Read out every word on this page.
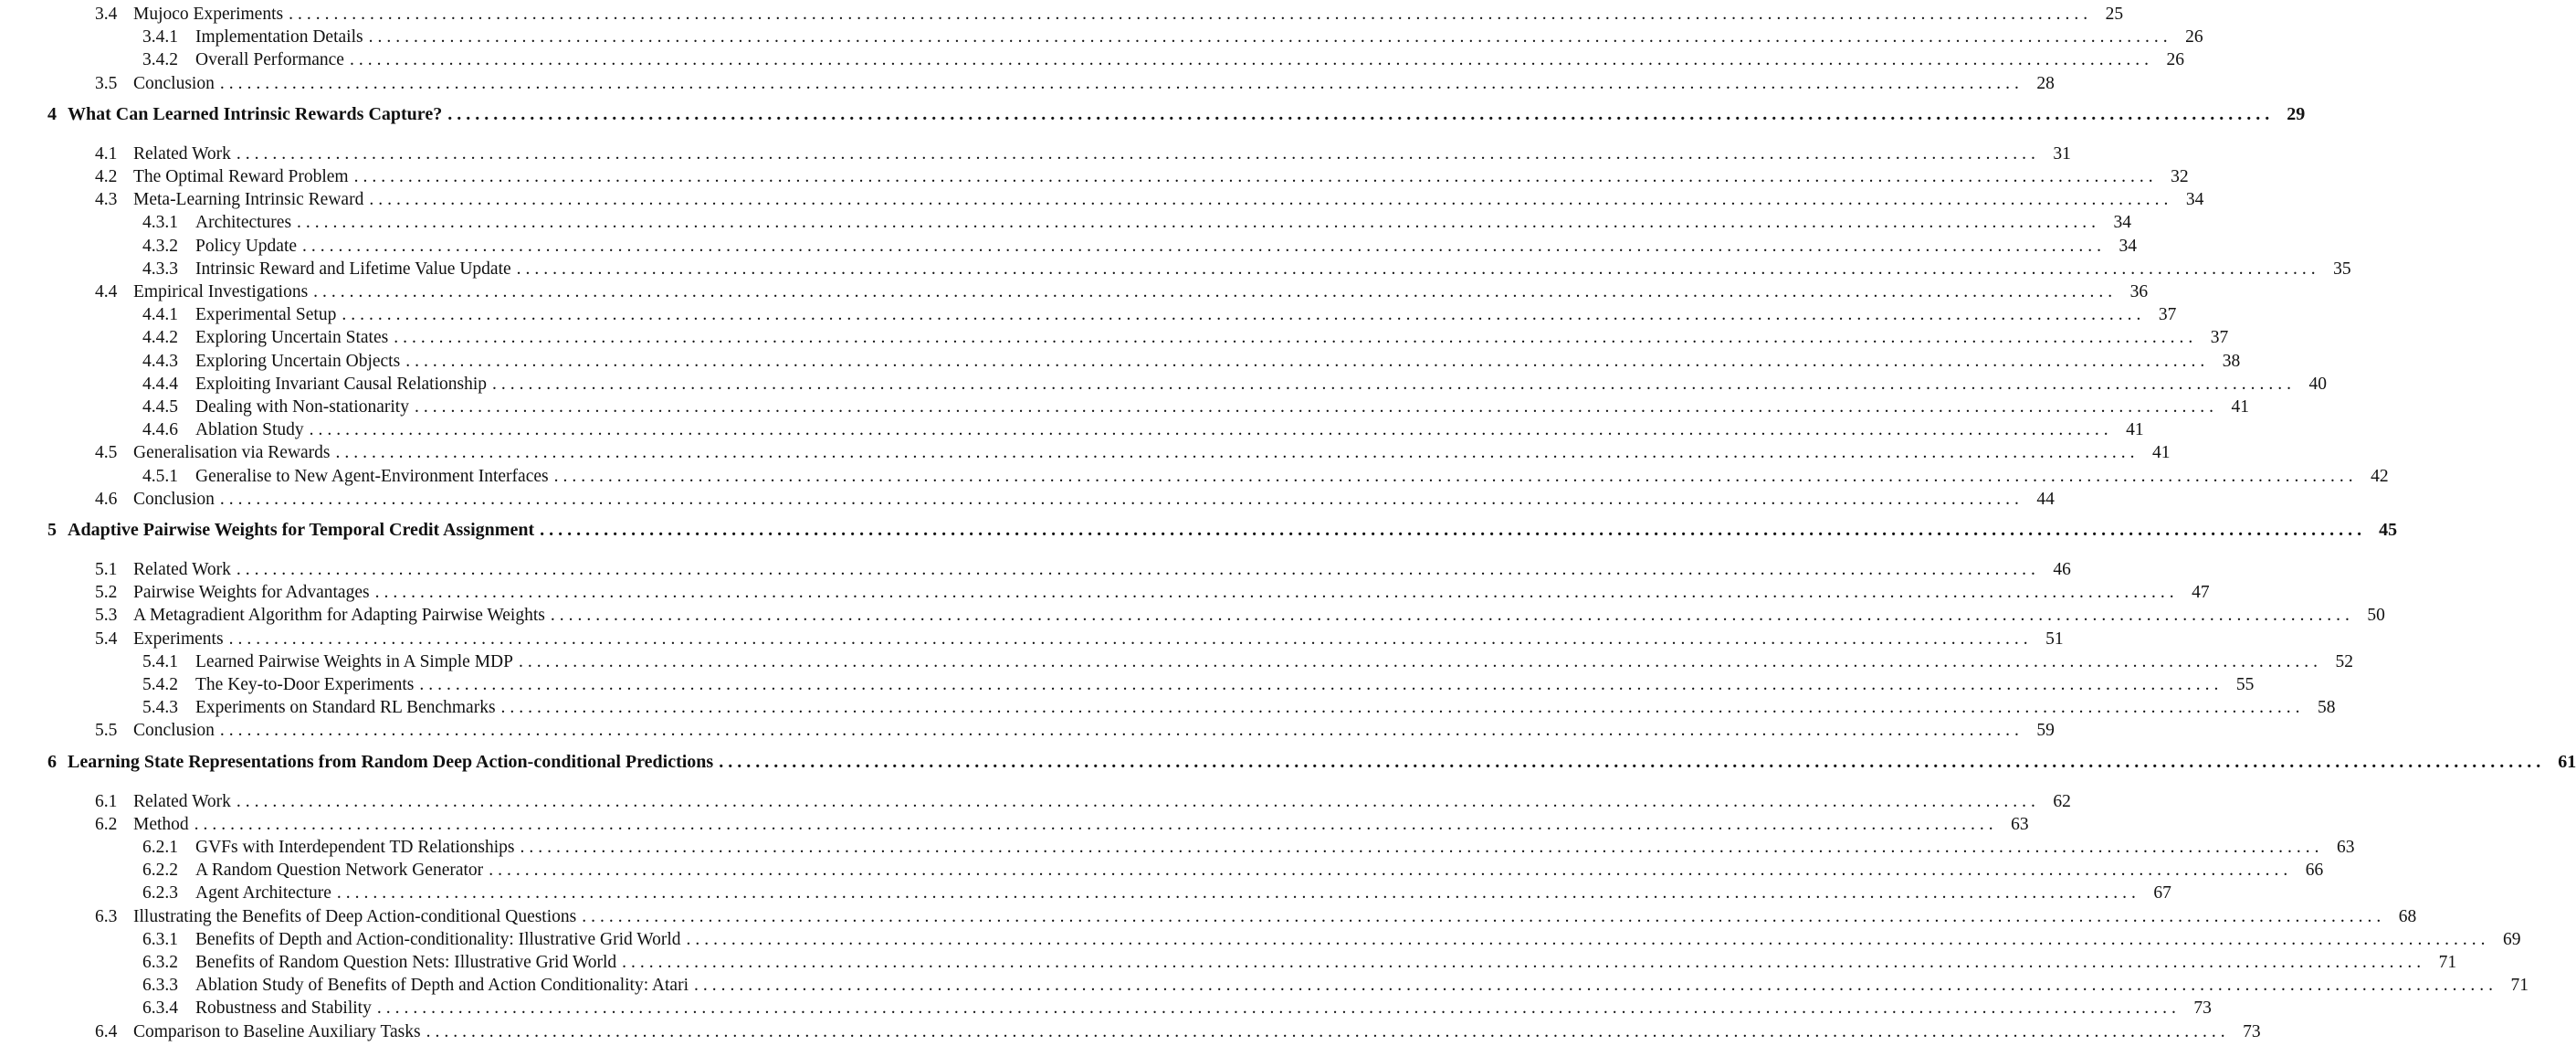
3.4 Mujoco Experiments ........................................................................................................................................................................................................ 25
3.4.1 Implementation Details ........................................................................................................................................................................................................ 26
3.4.2 Overall Performance ........................................................................................................................................................................................................ 26
3.5 Conclusion ........................................................................................................................................................................................................ 28
4 What Can Learned Intrinsic Rewards Capture? ........................................................................................................................................................................................................ 29
4.1 Related Work ........................................................................................................................................................................................................ 31
4.2 The Optimal Reward Problem ........................................................................................................................................................................................................ 32
4.3 Meta-Learning Intrinsic Reward ........................................................................................................................................................................................................ 34
4.3.1 Architectures ........................................................................................................................................................................................................ 34
4.3.2 Policy Update ........................................................................................................................................................................................................ 34
4.3.3 Intrinsic Reward and Lifetime Value Update ........................................................................................................................................................................................................ 35
4.4 Empirical Investigations ........................................................................................................................................................................................................ 36
4.4.1 Experimental Setup ........................................................................................................................................................................................................ 37
4.4.2 Exploring Uncertain States ........................................................................................................................................................................................................ 37
4.4.3 Exploring Uncertain Objects ........................................................................................................................................................................................................ 38
4.4.4 Exploiting Invariant Causal Relationship ........................................................................................................................................................................................................ 40
4.4.5 Dealing with Non-stationarity ........................................................................................................................................................................................................ 41
4.4.6 Ablation Study ........................................................................................................................................................................................................ 41
4.5 Generalisation via Rewards ........................................................................................................................................................................................................ 41
4.5.1 Generalise to New Agent-Environment Interfaces ........................................................................................................................................................................................................ 42
4.6 Conclusion ........................................................................................................................................................................................................ 44
5 Adaptive Pairwise Weights for Temporal Credit Assignment ........................................................................................................................................................................................................ 45
5.1 Related Work ........................................................................................................................................................................................................ 46
5.2 Pairwise Weights for Advantages ........................................................................................................................................................................................................ 47
5.3 A Metagradient Algorithm for Adapting Pairwise Weights ........................................................................................................................................................................................................ 50
5.4 Experiments ........................................................................................................................................................................................................ 51
5.4.1 Learned Pairwise Weights in A Simple MDP ........................................................................................................................................................................................................ 52
5.4.2 The Key-to-Door Experiments ........................................................................................................................................................................................................ 55
5.4.3 Experiments on Standard RL Benchmarks ........................................................................................................................................................................................................ 58
5.5 Conclusion ........................................................................................................................................................................................................ 59
6 Learning State Representations from Random Deep Action-conditional Predictions ........................................................................................................................................................................................................ 61
6.1 Related Work ........................................................................................................................................................................................................ 62
6.2 Method ........................................................................................................................................................................................................ 63
6.2.1 GVFs with Interdependent TD Relationships ........................................................................................................................................................................................................ 63
6.2.2 A Random Question Network Generator ........................................................................................................................................................................................................ 66
6.2.3 Agent Architecture ........................................................................................................................................................................................................ 67
6.3 Illustrating the Benefits of Deep Action-conditional Questions ........................................................................................................................................................................................................ 68
6.3.1 Benefits of Depth and Action-conditionality: Illustrative Grid World ........................................................................................................................................................................................................ 69
6.3.2 Benefits of Random Question Nets: Illustrative Grid World ........................................................................................................................................................................................................ 71
6.3.3 Ablation Study of Benefits of Depth and Action Conditionality: Atari ........................................................................................................................................................................................................ 71
6.3.4 Robustness and Stability ........................................................................................................................................................................................................ 73
6.4 Comparison to Baseline Auxiliary Tasks ........................................................................................................................................................................................................ 73
